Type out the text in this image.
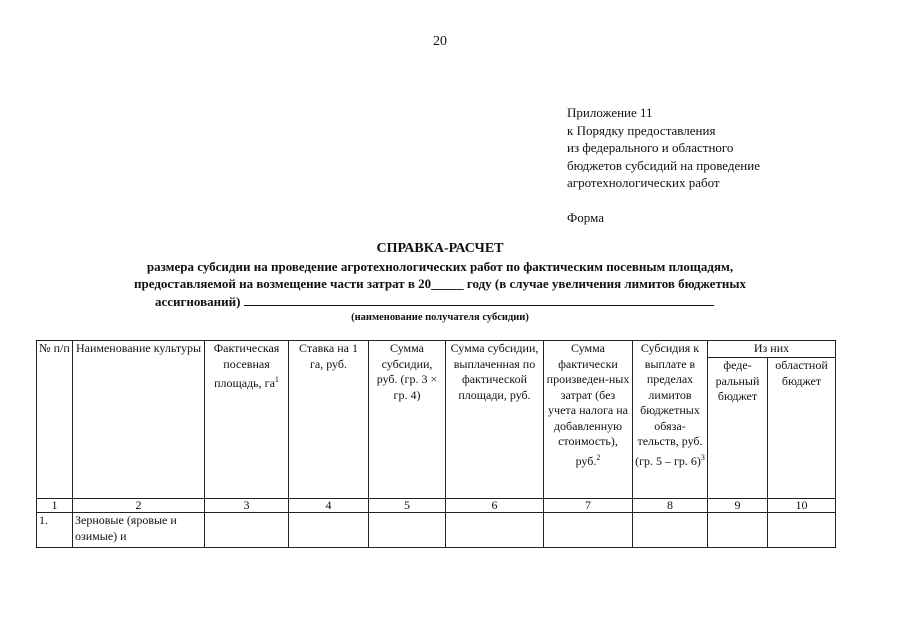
20
Приложение 11
к Порядку предоставления
из федерального и областного
бюджетов субсидий на проведение
агротехнологических работ
Форма
СПРАВКА-РАСЧЕТ
размера субсидии на проведение агротехнологических работ по фактическим посевным площадям,
предоставляемой на возмещение части затрат в 20_____ году (в случае увеличения лимитов бюджетных
ассигнований)
(наименование получателя субсидии)
№ п/п	Наименование культуры	Фактическая посевная площадь, $га^1$	Ставка на 1 га, руб.	Сумма субсидии, руб. (гр. 3 × гр. 4)	Сумма субсидии, выплаченная по фактической площади, руб.	Сумма фактически произведен-ных затрат (без учета налога на добавленную стоимость), руб.$^2$	Субсидия к выплате в пределах лимитов бюджетных обяза-тельств, руб. (гр. 5 – гр. 6)$^3$	Из них	
								феде-ральный бюджет	областной бюджет
1	2	3	4	5	6	7	8	9	10
1.	Зерновые (яровые и озимые) и								
